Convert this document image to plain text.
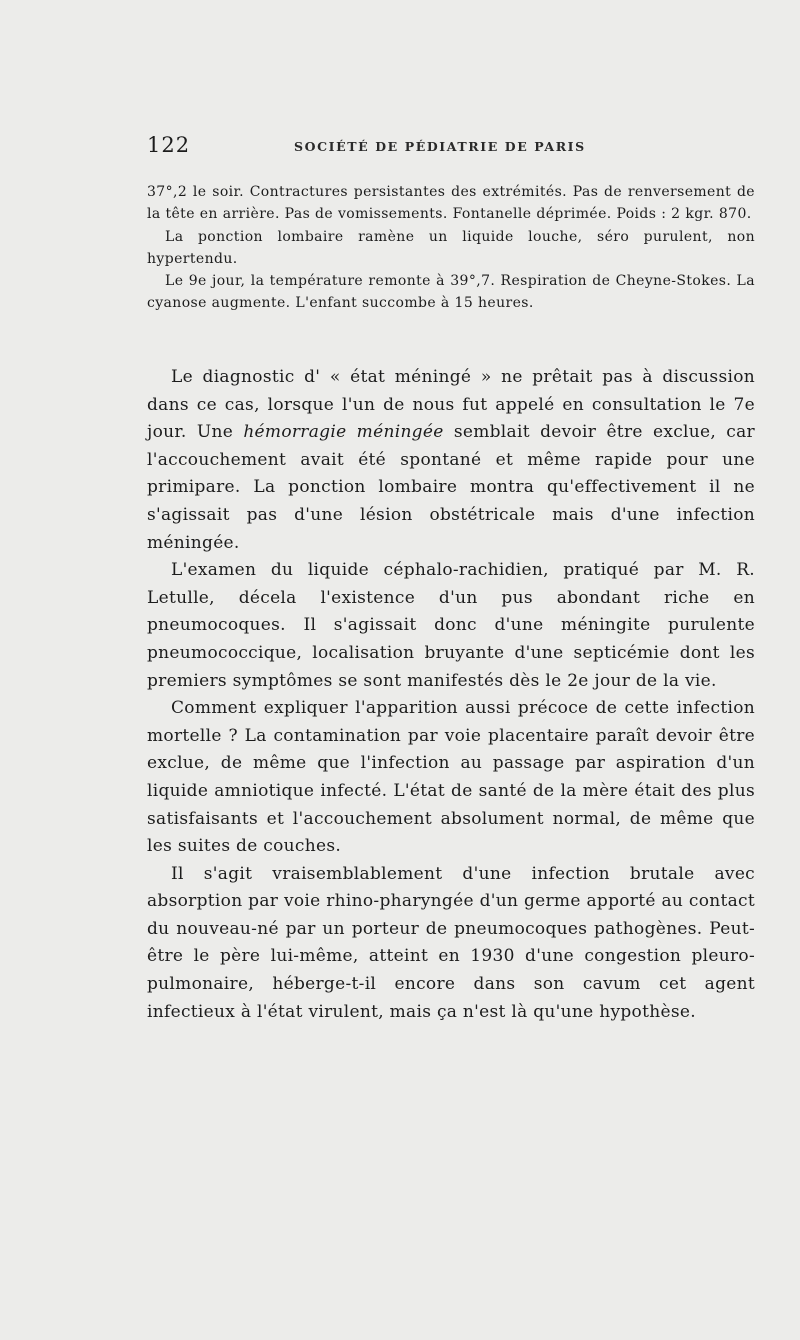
122	SOCIÉTÉ DE PÉDIATRIE DE PARIS

37°,2 le soir. Contractures persistantes des extrémités. Pas de renversement de la tête en arrière. Pas de vomissements. Fontanelle déprimée. Poids : 2 kgr. 870.

La ponction lombaire ramène un liquide louche, séro purulent, non hypertendu.

Le 9e jour, la température remonte à 39°,7. Respiration de Cheyne-Stokes. La cyanose augmente. L'enfant succombe à 15 heures.

Le diagnostic d' « état méningé » ne prêtait pas à discussion dans ce cas, lorsque l'un de nous fut appelé en consultation le 7e jour. Une hémorragie méningée semblait devoir être exclue, car l'accouchement avait été spontané et même rapide pour une primipare. La ponction lombaire montra qu'effectivement il ne s'agissait pas d'une lésion obstétricale mais d'une infection méningée.

L'examen du liquide céphalo-rachidien, pratiqué par M. R. Letulle, décela l'existence d'un pus abondant riche en pneumocoques. Il s'agissait donc d'une méningite purulente pneumococcique, localisation bruyante d'une septicémie dont les premiers symptômes se sont manifestés dès le 2e jour de la vie.

Comment expliquer l'apparition aussi précoce de cette infection mortelle ? La contamination par voie placentaire paraît devoir être exclue, de même que l'infection au passage par aspiration d'un liquide amniotique infecté. L'état de santé de la mère était des plus satisfaisants et l'accouchement absolument normal, de même que les suites de couches.

Il s'agit vraisemblablement d'une infection brutale avec absorption par voie rhino-pharyngée d'un germe apporté au contact du nouveau-né par un porteur de pneumocoques pathogènes. Peut-être le père lui-même, atteint en 1930 d'une congestion pleuro-pulmonaire, héberge-t-il encore dans son cavum cet agent infectieux à l'état virulent, mais ça n'est là qu'une hypothèse.
